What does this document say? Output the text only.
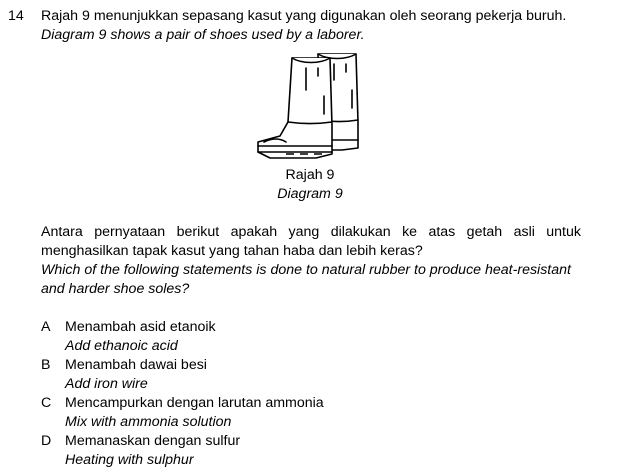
14 Rajah 9 menunjukkan sepasang kasut yang digunakan oleh seorang pekerja buruh.
Diagram 9 shows a pair of shoes used by a laborer.
Rajah 9
Diagram 9
Antara pernyataan berikut apakah yang dilakukan ke atas getah asli untuk
menghasilkan tapak kasut yang tahan haba dan lebih keras?
Which of the following statements is done to natural rubber to produce heat-resistant
and harder shoe soles?
A Menambah asid etanoik
Add ethanoic acid
B Menambah dawai besi
Add iron wire
C Mencampurkan dengan larutan ammonia
Mix with ammonia solution
D Memanaskan dengan sulfur
Heating with sulphur
